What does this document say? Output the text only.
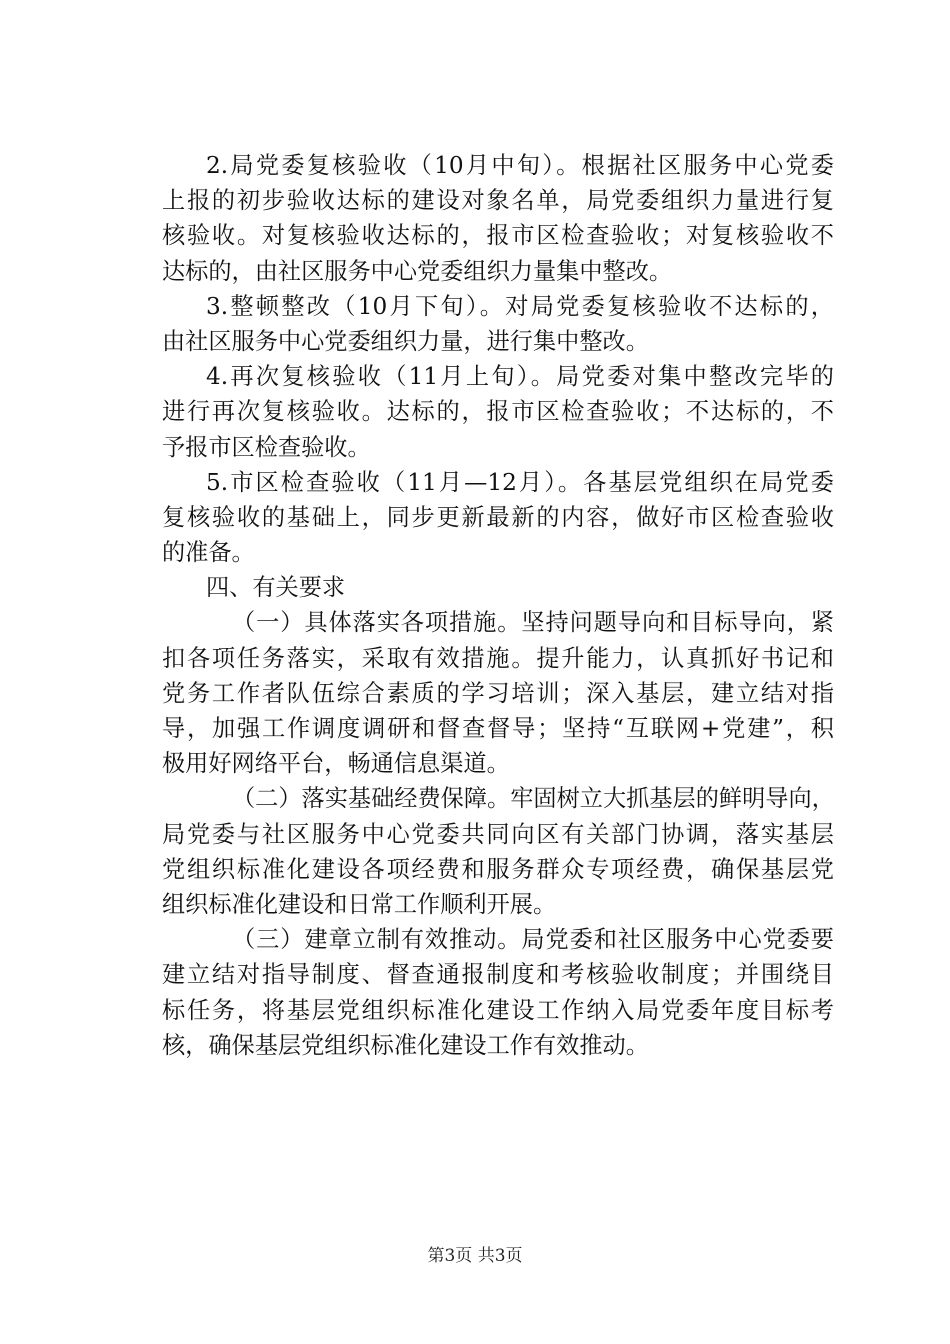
2.局党委复核验收（10月中旬）。根据社区服务中心党委
上报的初步验收达标的建设对象名单，局党委组织力量进行复
核验收。对复核验收达标的，报市区检查验收；对复核验收不
达标的，由社区服务中心党委组织力量集中整改。
3.整顿整改（10月下旬）。对局党委复核验收不达标的，
由社区服务中心党委组织力量，进行集中整改。
4.再次复核验收（11月上旬）。局党委对集中整改完毕的
进行再次复核验收。达标的，报市区检查验收；不达标的，不
予报市区检查验收。
5.市区检查验收（11月—12月）。各基层党组织在局党委
复核验收的基础上，同步更新最新的内容，做好市区检查验收
的准备。
四、有关要求
（一）具体落实各项措施。坚持问题导向和目标导向，紧
扣各项任务落实，采取有效措施。提升能力，认真抓好书记和
党务工作者队伍综合素质的学习培训；深入基层，建立结对指
导，加强工作调度调研和督查督导；坚持“互联网+党建”，积
极用好网络平台，畅通信息渠道。
（二）落实基础经费保障。牢固树立大抓基层的鲜明导向，
局党委与社区服务中心党委共同向区有关部门协调，落实基层
党组织标准化建设各项经费和服务群众专项经费，确保基层党
组织标准化建设和日常工作顺利开展。
（三）建章立制有效推动。局党委和社区服务中心党委要
建立结对指导制度、督查通报制度和考核验收制度；并围绕目
标任务，将基层党组织标准化建设工作纳入局党委年度目标考
核，确保基层党组织标准化建设工作有效推动。
第3页 共3页
